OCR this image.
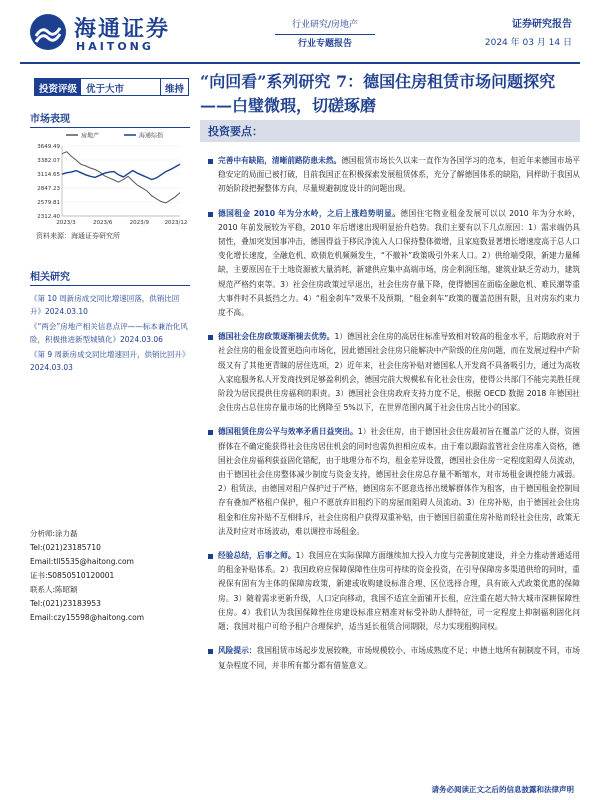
海通证券
HAITONG
行业研究/房地产
行业专题报告
证券研究报告
2024 年 03 月 14 日
投资评级 优于大市	维持 “向回看”系列研究 7：德国住房租赁市场问题探究——白璧微瑕，切磋琢磨
市场表现
房地产	海通综指
3649.49
3382.07
3114.65
2847.23
2579.81
2312.40
2023/3	2023/6	2023/9	2023/12
资料来源：海通证券研究所
相关研究
《第 10 周新房成交同比增速回落，供销比回升》2024.03.10
《“两会”房地产相关信息点评——标本兼治化风险，积极推进新型城镇化》2024.03.06
《第 9 周新房成交同比增速回升，供销比回升》2024.03.03
分析师:涂力磊
Tel:(021)23185710
Email:tll5535@haitong.com
证书:S0850510120001
联系人:陈昭颖
Tel:(021)23183953
Email:czy15598@haitong.com
投资要点：
完善中有缺陷，清晰前路防患未然。德国租赁市场长久以来一直作为各国学习的范本，但近年来德国市场平稳安定的局面已被打破，目前我国正在积极探索发展租赁体系，充分了解德国体系的缺陷，同样助于我国从初始阶段把握整体方向，尽量规避制度设计的问题出现。
德国租金 2010 年为分水岭，之后上涨趋势明显。德国住宅物业租金发展可以以 2010 年为分水岭，2010 年前发展较为平稳，2010 年后增速出现明显抬升趋势。我们主要有以下几点原因：1）需求端仍具韧性，叠加突发国事冲击，德国得益于移民净流入人口保持整体微增，且家庭数显著增长增速度高于总人口变化增长速度，全融危机、欧债危机频频发生，“不撤补”政策吸引外来人口。2）供给端受限，新建力量稀缺，主要原因在于土地资源被大量消耗、新建供应集中高端市场，房企利润压缩，建筑业缺乏劳动力，建筑规范严格约束等。3）社会住房政策过早退出，社会住房存量下降，使得德国在面临金融危机、难民潮等重大事件时不具抵挡之力。4）“租金刹车”效果不及预期，“租金刹车”政策的覆盖范围有限，且对房东约束力度不高。
德国社会住房政策逐渐褪去优势。1）德国社会住房的高居住标准导致相对较高的租金水平，后期政府对于社会住房的租金设置更趋向市场化，因此德国社会住房只能解决中产阶级的住房问题，而在发展过程中产阶级又有了其他更青睐的居住选项，2）近年来，社会住房补贴对德国私人开发商不具备吸引力，通过为高收入家庭服务私人开发商找到足够盈利机会，德国完前大规模私有化社会住房，使得公共部门不能完美胜任现阶段为居民提供住房福利的职责。3）德国社会住房政府支持力度不足，根据 OECD 数据 2018 年德国社会住房占总住房存量市场的比例降至 5%以下，在世界范围内属于社会住房占比小的国家。
德国租赁住房公平与效率矛盾日益突出。1）社会住房，由于德国社会住房最初旨在覆盖广泛的人群，资困群体在不确定能获得社会住房居住机会的同时也需负担相应成本。由于难以跟踪监管社会住房准入资格，德国社会住房福利获益固化错配，由于地理分布不均，租金差异设置，德国社会住房一定程度阻碍人员流动，由于德国社会住房整体减少制度与资金支持，德国社会住房总存量不断缩水，对市场租金调控能力减弱。2）租赁法，由德国对租户保护过于严格，德国房东不愿意选择出缓解群体作为租客，由于德国租金控制局存有叠加严格租户保护，租户不愿放弃旧租约下的房屋而阻碍人员流动。3）住房补贴，由于德国社会住房租金和住房补贴不互相排斥，社会住房租户获得双重补贴，由于德国目前重住房补贴而轻社会住房，政策无法及时应对市场波动，难以调控市场租金。
经验总结，后事之师。1）我国应在实际保障方面继续加大投入力度与完善制度建设，并全力推动普通适用的租金补贴体系。2）我国政府应保障保障性住房可持续的资金投资，在引导保障房多渠道供给的同时，重视保有固有为主体的保障房政策，新建或收购建设标准合理、区位选择合理，具有嵌入式政策优惠的保障房。3）随着需求更新升级，人口定向移动，我国不适宜全面铺开长租，应注重在超大特大城市深耕保障性住房。4）我们认为我国保障性住房建设标准应精准对标受补助人群特征，可一定程度上抑制福利固化问题；我国对租户可给予租户合理保护，适当延长租赁合同期限，尽力实现租购同权。
风险提示：我国租赁市场起步发展较晚，市场规模较小、市场成熟度不足；中德土地所有制制度不同，市场复杂程度不同，并非所有都分都有借鉴意义。
请务必阅读正文之后的信息披露和法律声明
